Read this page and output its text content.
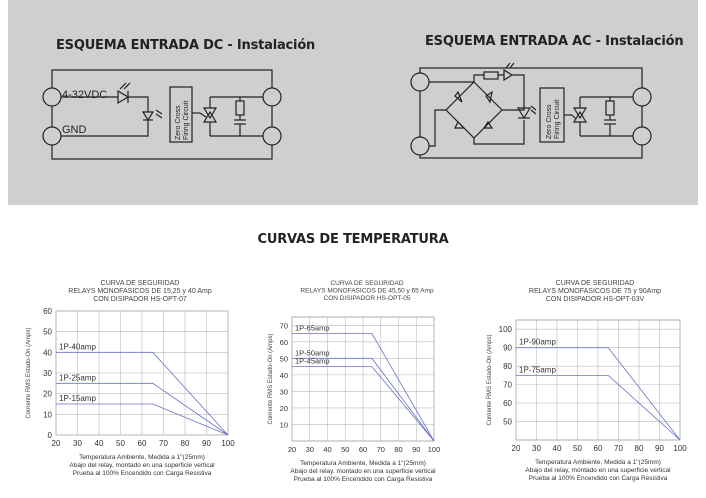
ESQUEMA ENTRADA DC - Instalación	ESQUEMA ENTRADA AC - Instalación
4-32VDC
GND	Zero Cross Firing Circuit	Zero Cross Firing Circuit
CURVAS DE TEMPERATURA
CURVA DE SEGURIDAD
RELAYS MONOFASICOS DE 15,25 y 40 Amp
CON DISIPADOR HS-OPT-07
20 30 40 50 60 70 80 90 100
0
10
20
30
40
50
60
Corriente RMS Estado-On (Amps)
Temperatura Ambiente, Medida a 1"(25mm)
Abajo del relay, montado en una superficie vertical
Prueba al 100% Encendido con Carga Resistiva
1P-40amp
1P-25amp
1P-15amp
CURVA DE SEGURIDAD
RELAYS MONOFASICOS DE 45,50 y 65 Amp
CON DISIPADOR HS-OPT-05
20 30 40 50 60 70 80 90 100
10
20
30
40
50
60
70
Corriente RMS Estado-On (Amps)
Temperatura Ambiente, Medida a 1"(25mm)
Abajo del relay, montado en una superficie vertical
Prueba al 100% Encendido con Carga Resistiva
1P-65amp
1P-50amp
1P-45amp
CURVA DE SEGURIDAD
RELAYS MONOFASICOS DE 75 y 90Amp
CON DISIPADOR HS-OPT-03V
20 30 40 50 60 70 80 90 100
50
60
70
80
90
100
Corriente RMS Estado-On (Amps)
Temperatura Ambiente, Medida a 1"(25mm)
Abajo del relay, montado en una superficie vertical
Prueba al 100% Encendido con Carga Resistiva
1P-90amp
1P-75amp
